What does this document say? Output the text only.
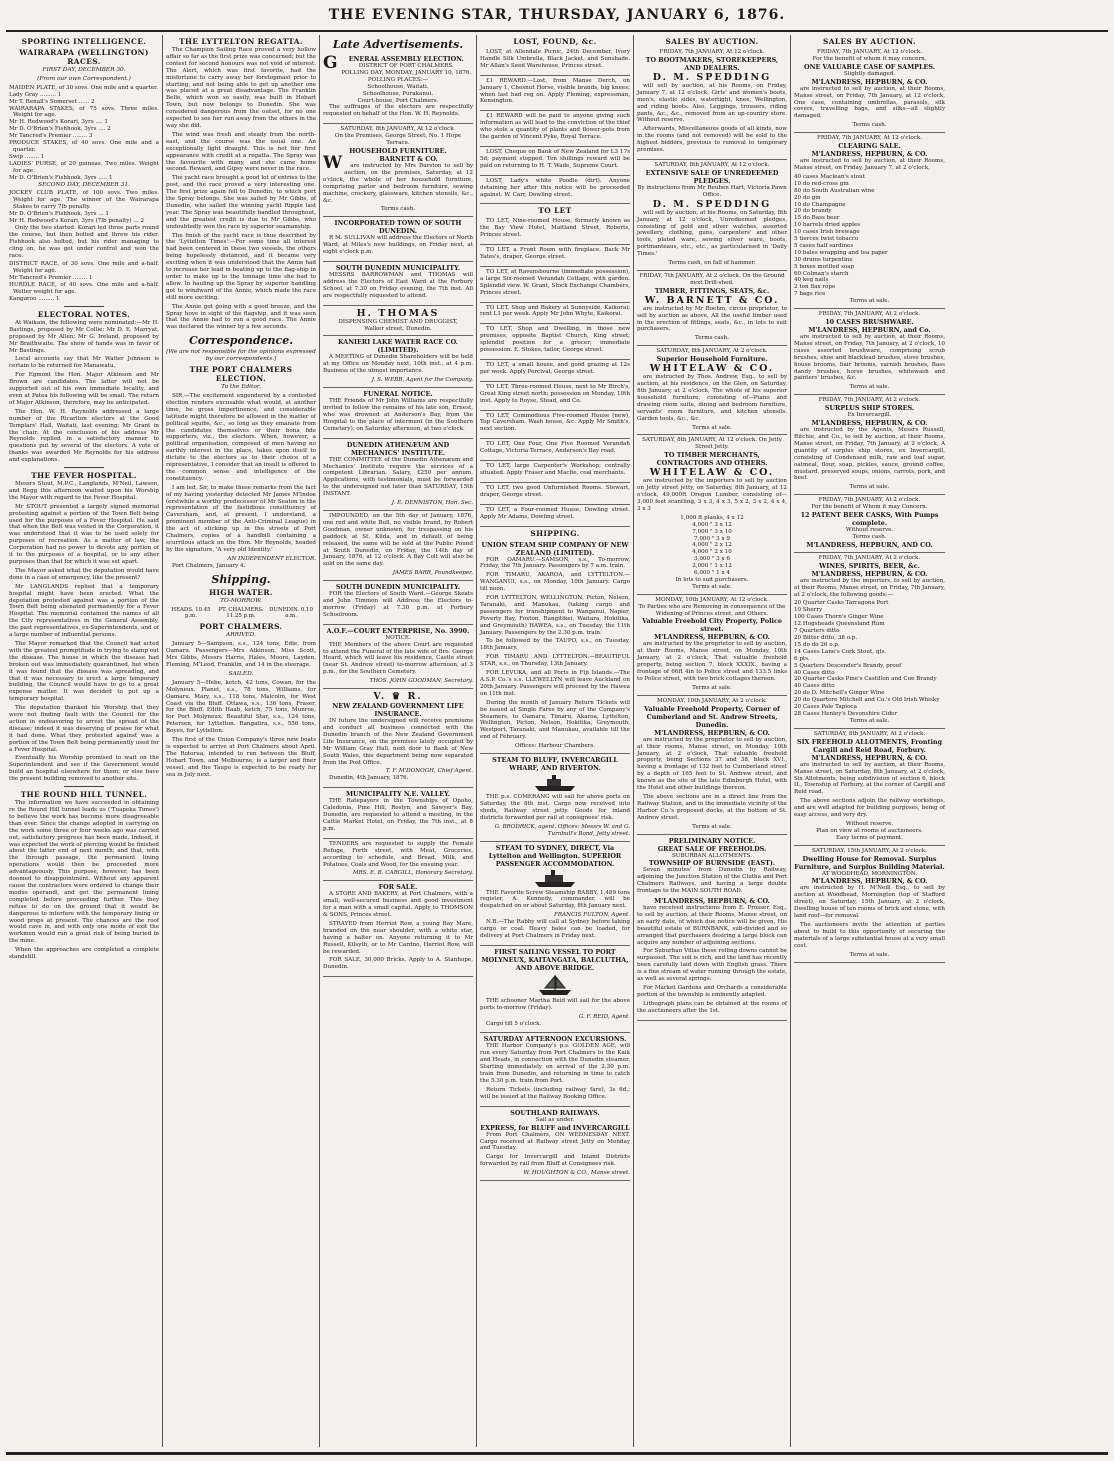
THE EVENING STAR, THURSDAY, JANUARY 6, 1876.
SPORTING INTELLIGENCE.
WAIRARAPA (WELLINGTON) RACES.
FIRST DAY, DECEMBER 30.
(From our own Correspondent.)

MAIDEN PLATE, of 30 sovs. One mile and a quarter.

Lady Gray ......... 1

Mr T. Renall's Somerset ...... 2

WAIRARAPA STAKES, of 75 sovs. Three miles. Weight for age.

Mr H. Redwood's Korari, 3yrs .... 1

Mr D. O'Brien's Fishhook, 3yrs .... 2

Mr Tancred's Premier ........ 3

PRODUCE STAKES, of 40 sovs. One mile and a quarter.

Swip ........ 1

LADIES' PURSE, of 20 guineas. Two miles. Weight for age.

Mr D. O'Brien's Fishhook, 3yrs ..... 1

SECOND DAY, DECEMBER 31.

JOCKEY CLUB PLATE, of 100 sovs. Two miles. Weight for age. The winner of the Wairarapa Stakes to carry 7lb penalty.

Mr D. O'Brien's Fishhook, 3yrs ... 1

Mr H. Redwood's Korari, 3yrs (7lb penalty) ... 2

Only the two started. Korari led three parts round the course, but then bolted and threw his rider. Fishhook also bolted, but his rider managing to cling on, he was got under control and won the race.

DISTRICT RACE, of 30 sovs. One mile and a-half. Weight for age.

Mr Tancred's Premier ........ 1

HURDLE RACE, of 40 sovs. One mile and a-half. Welter weight for age.

Kangaroo ......... 1

ELECTORAL NOTES.

At Waikain, the following were nominated:—Mr H. Bastings, proposed by Mr Collie; Mr D. E. Marryat, proposed by Mr Allen; Mr G. Ireland, proposed by Mr Braithwaite. The show of hands was in favor of Mr Bastings.

Local accounts say that Mr Walter Johnson is certain to be returned for Manawatu.

For Egmont the Hon. Major Atkinson and Mr Brown are candidates. The latter will not be supported out of his own immediate locality, and even at Patea his following will be small. The return of Major Atkinson, therefore, may be anticipated.

The Hon. W. H. Reynolds addressed a large number of the Ricarlton electors at the Good Templars' Hall, Waitati, last evening; Mr Grant in the chair. At the conclusion of his address Mr Reynolds replied in a satisfactory manner to questions put by several of the electors. A vote of thanks was awarded Mr Reynolds for his address and explanations.

THE FEVER HOSPITAL.

Messrs Stout, M.P.C., Langlands, M'Neil, Lawson, and Begg this afternoon waited upon his Worship the Mayor with regard to the Fever Hospital.

Mr STOUT presented a largely signed memorial protesting against a portion of the Town Belt being used for the purposes of a Fever Hospital. He said that when the Belt was vested in the Corporation, it was understood that it was to be used solely for purposes of recreation. As a matter of law, the Corporation had no power to devote any portion of it to the purposes of a hospital, or to any other purposes than that for which it was set apart.

The Mayor asked what the deputation would have done in a case of emergency, like the present?

Mr LANGLANDS replied that a temporary hospital might have been erected. What the deputation protested against was a portion of the Town Belt being alienated permanently for a Fever Hospital. The memorial contained the names of all the City representatives in the General Assembly, the past representatives, ex-Superintendents, and of a large number of influential persons.

The Mayor remarked that the Council had acted with the greatest promptitude in trying to stamp out the disease. The house in which the disease had broken out was immediately quarantined, but when it was found that the disease was spreading, and that it was necessary to erect a large temporary building, the Council would have to go to a great expense matter. It was decided to put up a temporary hospital.

The deputation thanked his Worship that they were not finding fault with the Council for the action in endeavoring to arrest the spread of the disease; indeed it was deserving of praise for what it had done. What they protested against was a portion of the Town Belt being permanently used for a Fever Hospital.

Eventually his Worship promised to wait on the Superintendent and see if the Government would build an hospital elsewhere for them; or else have the present building removed to another site.

THE ROUND HILL TUNNEL.

The information we have succeeded in obtaining re the Round Hill tunnel leads us ('Tuapeka Times') to believe the work has become more disagreeable than ever. Since the change adopted in carrying on the work some three or four weeks ago was carried out, satisfactory progress has been made. Indeed, it was expected the work of piercing would be finished about the latter end of next month; and that, with the through passage, the permanent lining operations would then be proceeded more advantageously. This purpose, however, has been doomed to disappointment. Without any apparent cause the contractors were ordered to change their modus operandi, and get the permanent lining completed before proceeding further. This they refuse to do on the ground that it would be dangerous to interfere with the temporary lining or wood props at present. The chances are the roof would cave in, and with only one mode of exit the workmen would run a great risk of being buried in the mine.

When the approaches are completed a complete standstill.

THE LYTTELTON REGATTA.

The Champion Sailing Race proved a very hollow affair so far as the first prize was concerned; but the contest for second honours was not void of interest. The Alert, which was first favorite, had the misfortune to carry away her foretopmast prior to starting, and not being able to get up another one was placed at a great disadvantage. The Franklin Belle, which won so easily, was built in Hobart Town, but now belongs to Dunedin. She was considered dangerous from the outset, for no one expected to see her run away from the others in the way she did.

The wind was fresh and steady from the north-east, and the course was the usual one. An exceptionally light draught. This is not her first appearance with credit at a regatta. The Spray was the favourite with many, and she came home second. Reward, and Gipsy were never in the race.

The yacht race brought a good lot of entries to the post, and the race proved a very interesting one. The first prize again fell to Dunedin, to which port the Spray belongs. She was sailed by Mr Gibbs, of Dunedin, who sailed the winning yacht Ripple last year. The Spray was beautifully handled throughout, and the greatest credit is due to Mr Gibbs, who undoubtedly won the race by superior seamanship.

The finish of the yacht race is thus described by the 'Lyttelton Times':—For some time all interest had been centered in these two vessels, the others being hopelessly distanced, and it became very exciting when it was understood that the Annie had to increase her lead in beating up to the flag-ship in order to make up to the tonnage time she had to allow. In hauling up the Spray by superior handling got to windward of the Annie, which made the race still more exciting.

The Annie got going with a good breeze, and the Spray hove in sight of the flagship, and it was seen that the Annie had to run a good race. The Annie was declared the winner by a few seconds.

Correspondence.

[We are not responsible for the opinions expressed by our correspondents.]

THE PORT CHALMERS ELECTION.
To the Editor.

SIR,—The excitement engendered by a contested election renders excusable what would, at another time, be gross impertinence, and considerable latitude might therefore be allowed in the matter of political squibs, &c., so long as they emanate from the candidates themselves or their bona fide supporters, viz., the electors. When, however, a political organisation, composed of men having no earthly interest in the place, takes upon itself to dictate to the electors as to their choice of a representative, I consider that an insult is offered to the common sense and intelligence of the constituency.

I am led, Sir, to make these remarks from the fact of my having yesterday detected Mr James M'Indoe (erstwhile a worthy predecessor of Mr Seaton in the representation of the fastidious constituency of Caversham, and, at present, I understand, a prominent member of the Anti-Criminal League) in the act of sticking up in the streets of Port Chalmers, copies of a handbill containing a scurrilous attack on the Hon. Mr Reynolds, headed by the signature, 'A very old Identity.'

AN INDEPENDENT ELECTOR.
Port Chalmers, January 4.
Shipping.
HIGH WATER.
TO-MORROW.
HEADS. 10.45 p.m.
PT. CHALMERS. 11.25 p.m.
DUNEDIN. 0.10 a.m.
PORT CHALMERS.
ARRIVED.

January 5—Sampson, s.s., 124 tons, Edie, from Oamaru. Passengers—Mrs Atkinson, Miss Scott, Mrs Gibbs, Messrs Harris, Hales, Moore, Layden, Fleming, M'Leod, Franklin, and 14 in the steerage.

SAILED.

January 5—Hebe, ketch, 42 tons, Cowan, for the Molyneux. Planet, s.s., 78 tons, Williams, for Oamaru. Mary, s.s., 118 tons, Malcolm, for West Coast via the Bluff. Ottawa, s.s., 136 tons, Fraser, for the Bluff. Edith Haab, ketch, 75 tons, Munroe, for Port Molyneux. Beautiful Star, s.s., 124 tons, Petersen, for Lyttelton. Rangatira, s.s., 556 tons, Boyes, for Lyttelton.

The first of the Union Company's three new boats is expected to arrive at Port Chalmers about April. The Rotorua, intended to run between the Bluff, Hobart Town, and Melbourne, is a larger and finer vessel, and the Taupo is expected to be ready for sea in July next.

Late Advertisements.
G	ENERAL ASSEMBLY ELECTION.
DISTRICT OF PORT CHALMERS.
POLLING DAY, MONDAY, JANUARY 10, 1876.
POLLING PLACES:—
Schoolhouse, Waitati.
Schoolhouse, Purakanui.
Court-house, Port Chalmers.

The suffrages of the electors are respectfully requested on behalf of the Hon. W. H. Reynolds.

SATURDAY, 8th JANUARY, At 12 o'clock.
On the Premises, George Street, No. 1 Hope Terrace.
HOUSEHOLD FURNITURE.
W	BARNETT & CO.

are instructed by Mrs Burston to sell by auction, on the premises, Saturday, at 12 o'clock, the whole of her household furniture, comprising parlor and bedroom furniture, sewing machine, crockery, glassware, kitchen utensils, &c., &c.

Terms cash.
INCORPORATED TOWN OF SOUTH DUNEDIN.

R M. SULLIVAN will address the Electors of North Ward, at Miles's new buildings, on Friday next, at eight o'clock p.m.

SOUTH DUNEDIN MUNICIPALITY.

MESSRS BARROWMAN and THOMAS will address the Electors of East Ward at the Forbury School, at 7.30 on Friday evening, the 7th inst. All are respectfully requested to attend.

H. THOMAS
DISPENSING CHEMIST AND DRUGGIST,
Walker street, Dunedin.
KANIERI LAKE WATER RACE CO. (LIMITED).

A MEETING of Dunedin Shareholders will be held at my Office on Monday next, 10th inst., at 4 p.m. Business of the utmost importance.

J. S. WEBB, Agent for the Company.
FUNERAL NOTICE.

THE Friends of Mr John Williams are respectfully invited to follow the remains of his late son, Ernest, who was drowned at Anderson's Bay, from the Hospital to the place of interment (in the Southern Cemetery), on Saturday afternoon, at two o'clock.

DUNEDIN ATHENÆUM AND MECHANICS' INSTITUTE.

THE COMMITTEE of the Dunedin Athenæum and Mechanics' Institute require the services of a competent Librarian. Salary, £250 per annum. Applications, with testimonials, must be forwarded to the undersigned not later than SATURDAY, 15th INSTANT.

J. E. DENNISTON, Hon. Sec.

IMPOUNDED, on the 5th day of January, 1876, one red and white Bull, no visible brand, by Robert Goodman, owner unknown, for trespassing on his paddock at St. Kilda, and in default of being released, the same will be sold at the Public Pound at South Dunedin, on Friday, the 14th day of January, 1876, at 12 o'clock. A Bay Colt will also be sold on the same day.

JAMES BARR, Poundkeeper.
SOUTH DUNEDIN MUNICIPALITY.

FOR the Electors of South Ward.—George Skeats and John Timmon will Address the Electors to-morrow (Friday) at 7.30 p.m. at Forbury Schoolroom.

A.O.F.—COURT ENTERPRISE, No. 3990.
NOTICE.

THE Members of the above Court are requested to attend the Funeral of the late wife of Bro. George Heard, which will leave his residence, Castle street (near St. Andrew street) to-morrow afternoon, at 3 p.m., for the Southern Cemetery.

THOS. JOHN GOODMAN, Secretary.
V. ♛ R.
NEW ZEALAND GOVERNMENT LIFE INSURANCE.

IN future the undersigned will receive premiums and conduct all business connected with the Dunedin branch of the New Zealand Government Life Insurance, on the premises lately occupied by Mr William Gray Hall, next door to Bank of New South Wales, this department being now separated from the Post Office.

T. F. M'DONOGH, Chief Agent.
Dunedin, 4th January, 1876.
MUNICIPALITY N.E. VALLEY.

THE Ratepayers in the Townships of Opoho, Caledonia, Pine Hill, Roslyn, and Sawyer's Bay, Dunedin, are requested to attend a meeting, in the Cattle Market Hotel, on Friday, the 7th inst., at 8 p.m.

TENDERS are requested to supply the Female Refuge, Forth street, with Meat, Groceries, according to schedule, and Bread, Milk, and Potatoes, Coals and Wood, for the ensuing year.

MRS. E. B. CARGILL, Honorary Secretary.
FOR SALE.

A STORE AND BAKERY, at Port Chalmers, with a small, well-secured business and good investment for a man with a small capital. Apply to THOMSON & SONS, Princes street.

STRAYED from Herriot Row, a young Bay Mare, branded on the near shoulder, with a white star, having a halter on. Anyone returning it to Mr Russell, Kilsyth, or to Mr Cardno, Herriot Row, will be rewarded.

FOR SALE, 30,000 Bricks. Apply to A. Stanhope, Dunedin.

LOST, FOUND, &c.

LOST, at Allendale Picnic, 24th December, Ivory Handle Silk Umbrella, Black Jacket, and Sunshade. Mr Allan's Seed Warehouse, Princes street.

£1 REWARD.—Lost, from Manse Derch, on January 1, Chesnut Horse, visible brands, big knees; when last had reg on. Apply Fleming, expressman, Kensington.

£1 REWARD will be paid to anyone giving such information as will lead to the conviction of the thief who stole a quantity of plants and flower-pots from the garden of Vincent Pyke, Royal Terrace.

LOST, Cheque on Bank of New Zealand for L3 17s 5d; payment stopped. Ten shillings reward will be paid on returning to H. T. Wade, Supreme Court.

LOST, Lady's white Poodle (dirt). Anyone detaining her after this notice will be proceeded against. W. Carr, Dowling street.

TO LET

TO LET, Nine-roomed House, formerly known as the Bay View Hotel, Maitland Street, Roberts, Princes street.

TO LET, a Front Room with fireplace. Back Mr Yates's, draper, George street.

TO LET, at Ravensbourne (immediate possession), a large Six-roomed Verandah Cottage, with garden. Splendid view. W. Grant, Stock Exchange Chambers, Princes street.

TO LET, Shop and Bakery at Sunnyside, Kaikorai; rent L1 per week. Apply Mr John Whyte, Kaikorai.

TO LET, Shop and Dwelling, in those new premises, opposite Baptist Church, King street; splendid position for a grocer; immediate possession. E. Stokes, tailor, George street.

TO LET, a small house, and good grazing at 12s per week. Apply Percival, George street.

TO LET, Three-roomed House, next to Mr Birch's, Great King street north; possession on Monday, 10th inst. Apply to Royse, Stead, and Co.

TO LET, Commodious Five-roomed House (new), Top Caversham. Wash house, &c. Apply Mr Smith's, next section.

TO LET, One Four, One Five Roomed Verandah Cottage, Victoria Terrace, Anderson's Bay road.

TO LET, large Carpenter's Workshop; centrally situated. Apply Fraser and Macfie, coal merchants.

TO LET, two good Unfurnished Rooms. Stewart, draper, George street.

TO LET, a Four-roomed House, Dowling street. Apply Mr Adams, Dowling street.

SHIPPING.
UNION STEAM SHIP COMPANY OF NEW ZEALAND (LIMITED).

FOR OAMARU.—SAMSON, s.s., To-morrow, Friday, the 7th January. Passengers by 7 a.m. train.

FOR TIMARU, AKAROA, and LYTTELTON.—WANGANUI, s.s., on Monday, 10th January. Cargo till noon.

FOR LYTTELTON, WELLINGTON, Picton, Nelson, Taranaki, and Manukau, (taking cargo and passengers for transhipment to Wanganui, Napier, Poverty Bay, Foxton, Rangitikei, Waitara, Hokitika, and Greymouth) HAWEA, s.s., on Tuesday, the 11th January. Passengers by the 2.30 p.m. train.

To be followed by the TAUPO, s.s., on Tuesday, 18th January.

FOR TIMARU AND LYTTELTON.—BEAUTIFUL STAR, s.s., on Thursday, 13th January.

FOR LEVUKA, and all Ports in Fiji Islands.—The A.S.P. Co.'s s.s. LLEWELLYN will leave Auckland on 20th January. Passengers will proceed by the Hawea on 11th inst.

During the month of January Return Tickets will be issued at Single Fares by any of the Company's Steamers, to Oamaru, Timaru, Akaroa, Lyttelton, Wellington, Picton, Nelson, Hokitika, Greymouth, Westport, Taranaki, and Manukau, available till the end of February.

Offices: Harbour Chambers.
STEAM TO BLUFF, INVERCARGILL WHARF, AND RIVERTON.

THE p.s. COMERANG will sail for above ports on Saturday, the 8th inst. Cargo now received into sheds, Railway street jetty. Goods for inland districts forwarded per rail at consignees' risk.

G. BRODRICK, agent. Offices: Messrs W. and G. Turnbull's Bond, Jetty street.
STEAM TO SYDNEY, DIRECT, Via Lyttelton and Wellington. SUPERIOR PASSENGER ACCOMMODATION.

THE Favorite Screw Steamship RABBY, 1,489 tons register, A. Kennedy, commander, will be despatched on or about Saturday, 8th January next.

FRANCIS FULTON, Agent.

N.B.—The Rabby will call at Sydney before taking cargo or coal. Heavy bales can be loaded, for delivery at Port Chalmers in Friday next.

FIRST SAILING VESSEL TO PORT MOLYNEUX, KAITANGATA, BALCLUTHA, AND ABOVE BRIDGE.

THE schooner Martha Reid will sail for the above ports to-morrow (Friday).

G. F. REID, Agent.
Cargo till 5 o'clock.
SATURDAY AFTERNOON EXCURSIONS.

THE Harbor Company's p.s. GOLDEN AGE, will run every Saturday from Port Chalmers to the Kaik and Heads, in connection with the Dunedin steamer. Starting immediately on arrival of the 2.30 p.m. train from Dunedin, and returning in time to catch the 5.30 p.m. train from Port.

Return Tickets (including railway fare), 3s 6d.; will be issued at the Railway Booking Office.

SOUTHLAND RAILWAYS.
Sail as under.
EXPRESS, for BLUFF and INVERCARGILL

From Port Chalmers, ON WEDNESDAY NEXT. Cargo received at Railway street Jetty on Monday and Tuesday.

Cargo for Invercargill and Inland Districts forwarded by rail from Bluff at Consignees risk.

W. HOUGHTON & CO., Manse street.
SALES BY AUCTION.
FRIDAY, 7th JANUARY, At 12 o'clock.
TO BOOTMAKERS, STOREKEEPERS, AND DEALERS.
D. M. SPEDDING

will sell by auction, at his Rooms, on Friday, January 7, at 12 o'clock, Girls' and women's boots, men's, elastic sides, watertight, knee, Wellington, and riding boots. Also, Leggings, trousers, riding pants, &c., &c., removed from an up-country store. Without reserve.

Afterwards, Miscellaneous goods of all kinds, now in the rooms (and not removed) will be sold to the highest bidders, previous to removal to temporary premises.

SATURDAY, 8th JANUARY, At 12 o'clock.
EXTENSIVE SALE OF UNREDEEMED PLEDGES.
By instructions from Mr Reuben Hart, Victoria Pawn Office.
D. M. SPEDDING

will sell by auction, at his Rooms, on Saturday, 8th January, at 12 o'clock, Unredeemed pledges, consisting of gold and silver watches, assorted jewellery, clothing, guns, carpenters' and other tools, plated ware, sewing silver ware, boots, portmanteaus, etc., etc., as particularised in 'Daily Times.'

Terms cash, on fall of hammer.
FRIDAY, 7th JANUARY, At 2 o'clock. On the Ground next Drill-shed.
TIMBER, FITTINGS, SEATS, &c.
W. BARNETT & CO.

are instructed by Mr Boehm, circus proprietor, to sell by auction as above, All the useful timber used in the erection of fittings, seats, &c., in lots to suit purchasers.

Terms cash.
SATURDAY, 8th JANUARY, At 2 o'clock.
Superior Household Furniture.
WHITELAW & CO.

are instructed by Thos. Andrew, Esq., to sell by auction, at his residence, on the Glen, on Saturday, 8th January, at 2 o'clock, The whole of his superior household furniture, consisting of—Piano and drawing room suite, dining and bedroom furniture, servants' room furniture, and kitchen utensils. Garden tools, &c., &c.

Terms at sale.
SATURDAY, 8th JANUARY, At 12 o'clock. On Jetty Street Jetty.
TO TIMBER MERCHANTS, CONTRACTORS AND OTHERS.
WHITELAW & CO.

are instructed by the importers to sell by auction on Jetty street jetty, on Saturday, 8th January, at 12 o'clock, 49,000ft Oregon Lumber, consisting of—3,000 feet scantling, 3 x 3, 4 x 3, 5 x 2, 3 x 2, 4 x 4, 3 x 3

1,000 ft planks, 4 x 12
4,000 " 3 x 12
7,000 " 3 x 10
7,000 " 3 x 9
4,000 " 2 x 12
4,000 " 2 x 10
3,000 " 3 x 6
2,000 " 1 x 12
6,000 " 1 x 4
In lots to suit purchasers.
Terms at sale.
MONDAY, 10th JANUARY, At 12 o'clock.
To Parties who are Removing in consequence of the Widening of Princes street, and Others.
Valuable Freehold City Property, Police street.
M'LANDRESS, HEPBURN, & CO.

are instructed by the proprietor to sell by auction, at their Rooms, Manse street, on Monday, 10th January, at 2 o'clock, That valuable freehold property, being section 7, block XXXIX., having a frontage of 66ft 4in to Police street and 133.5 links to Police street, with two brick cottages thereon.

Terms at sale.
MONDAY, 10th JANUARY, At 2 o'clock.
Valuable Freehold Property, Corner of Cumberland and St. Andrew Streets, Dunedin.
M'LANDRESS, HEPBURN, & CO.

are instructed by the proprietor to sell by auction, at their rooms, Manse street, on Monday, 10th January, at 2 o'clock, That valuable freehold property, being Sections 37 and 38, block XVI., having a frontage of 132 feet to Cumberland street by a depth of 165 feet to St. Andrew street, and known as the site of the late Edinburgh Hotel, with the Hotel and other buildings thereon.

The above sections are in a direct line from the Railway Station, and in the immediate vicinity of the Harbor Co.'s proposed docks, at the bottom of St. Andrew street.

Terms at sale.
PRELIMINARY NOTICE.
GREAT SALE OF FREEHOLDS.
SUBURBAN ALLOTMENTS.
TOWNSHIP OF BURNSIDE (EAST).

Seven minutes' from Dunedin by Railway, adjoining the Junction Station of the Clutha and Port Chalmers Railways, and having a large double frontage to the MAIN SOUTH ROAD.

M'LANDRESS, HEPBURN, & CO.

have received instructions from E. Prosser, Esq., to sell by auction, at their Rooms, Manse street, on an early date, of which due notice will be given, His beautiful estate of BURNBANK, sub-divided and so arranged that purchasers desiring a large block can acquire any number of adjoining sections.

For Suburban Villas these rolling downs cannot be surpassed. The soil is rich, and the land has recently been carefully laid down with English grass. There is a fine stream of water running through the estate, as well as several springs.

For Market Gardens and Orchards a considerable portion of the township is eminently adapted.

Lithograph plans can be obtained at the rooms of the auctioneers after the 1st.

SALES BY AUCTION.
FRIDAY, 7th JANUARY, At 12 o'clock.
For the benefit of whom it may concern.
ONE VALUABLE CASE OF SAMPLES.
Slightly damaged.
M'LANDRESS, HEPBURN, & CO.

are instructed to sell by auction, at their Rooms, Manse street, on Friday, 7th January, at 12 o'clock, One case, containing umbrellas, parasols, silk covers, travelling bags, and silks—all slightly damaged.

Terms cash.
FRIDAY, 7th JANUARY, At 12 o'clock.
CLEARING SALE.
M'LANDRESS, HEPBURN, & CO.

are instructed to sell by auction, at their Rooms, Manse street, on Friday, January 7, at 2 o'clock,

40 cases Maclean's stout
10 do red-cross gin
80 do South Australian wine
20 do gin
10 do Champagne
20 do brandy
15 do Bass beer
10 barrels dried apples
10 cases Irish brewage
5 tierces twist tobacco
5 cases half sardines
10 bales wrapping and tea paper
30 drums turpentine
5 boxes mottled soap
60 Colman's starch
40 keg nails
2 ton flax rope
7 bags rice
Terms at sale.
FRIDAY, 7th JANUARY, At 2 o'clock.
10 CASES BRUSHWARE.
M'LANDRESS, HEPBURN, and Co.

are instructed to sell by auction, at their Rooms, Manse street, on Friday, 7th January, at 2 o'clock, 10 cases assorted brushware, comprising scrub brushes, shoe and blacklead brushes, stove brushes, house brooms, hair brooms, varnish brushes, Bass dandy brushes, horse brushes, whitewash and painters' brushes, &c.

Terms at sale.
FRIDAY, 7th JANUARY, At 2 o'clock.
SURPLUS SHIP STORES.
Ex Invercargill.
M'LANDRESS, HEPBURN, & CO.

are instructed by the Agents, Messrs Russell, Ritchie, and Co., to sell by auction, at their Rooms, Manse street, on Friday, 7th January, at 2 o'clock, A quantity of surplus ship stores, ex Invercargill, consisting of Condensed milk, raw and loaf sugar, oatmeal, flour, soap, pickles, sauce, ground coffee, mustard, preserved soups, onions, carrots, pork, and beef.

Terms at sale.
FRIDAY, 7th JANUARY, At 2 o'clock.
For the benefit of Whom it may Concern.
12 PATENT BEER CASKS, With Pumps complete.
Without reserve.
Terms cash.
M'LANDRESS, HEPBURN, AND CO.
FRIDAY, 7th JANUARY, At 2 o'clock.
WINES, SPIRITS, BEER, &c.
M'LANDRESS, HEPBURN, & CO.

are instructed by the importers, to sell by auction, at their Rooms, Manse street, on Friday, 7th January, at 2 o'clock, the following goods:—

20 Quarter Casks Tarragona Port
10 Sherry
100 Cases Thorn's Ginger Wine
12 Hogsheads Queensland Rum
7 Quarters ditto
20 Bitter ditto, 38 o.p.
15 do do 26 o.p.
14 Cases Lane's Cork Stout, qts.
6 pts.
5 Quarters Descender's Brandy, proof
40 Cases ditto
20 Quarter Casks Pine's Castillon and Coe Brandy
40 Cases ditto
20 do D. Mitchell's Ginger Wine
20 do Quartore Mitchell and Co.'s Old Irish Whisky
20 Cases Pale Tapioca
28 Cases Henley's Devonshire Cider
Terms at sale.
SATURDAY, 8th JANUARY, At 2 o'clock.
SIX FREEHOLD ALLOTMENTS, Fronting Cargill and Reid Road, Forbury.
M'LANDRESS, HEPBURN, & CO.

are instructed to sell by auction, at their Rooms, Manse street, on Saturday, 8th January, at 2 o'clock, Six Allotments, being subdivision of section 6, block II., Township of Forbury, at the corner of Cargill and Reid road.

The above sections adjoin the railway workshops, and are well adapted for building purposes, being of easy access, and very dry.

Without reserve.
Plan on view at rooms of auctioneers.
Easy terms of payment.
SATURDAY, 15th JANUARY, At 2 o'clock.
Dwelling House for Removal. Surplus Furniture, and Surplus Building Material.
AT WOODHEAD, MORNINGTON.
M'LANDRESS, HEPBURN, & CO.

are instructed by H. M'Neill Esq., to sell by auction at Woodhead, Mornington (top of Stafford street), on Saturday, 15th January, at 2 o'clock, Dwelling house of ten rooms of brick and stone, with land roof—for removal.

The auctioneers invite the attention of parties about to build to this opportunity of securing the materials of a large substantial house at a very small cost.

Terms at sale.
